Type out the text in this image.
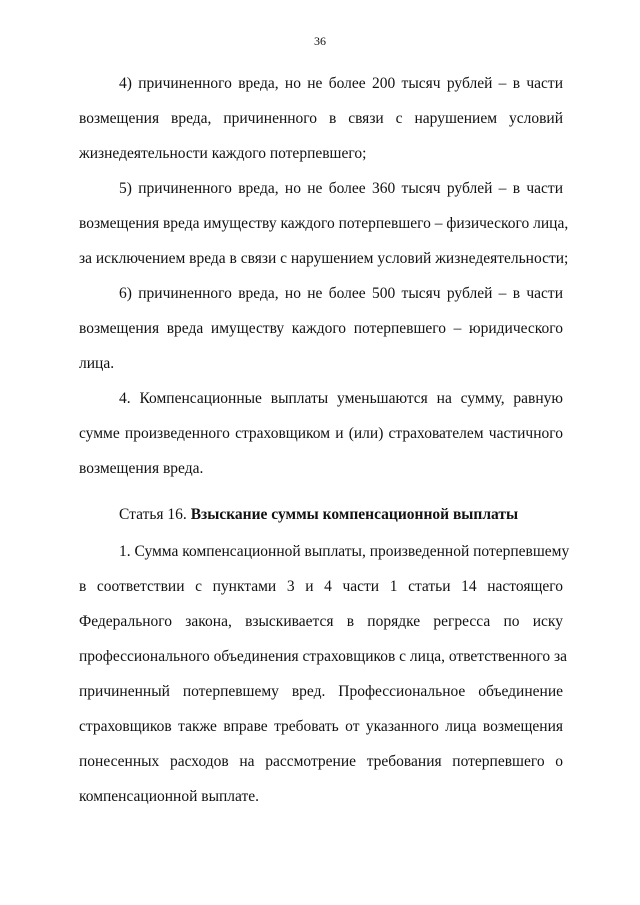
36
4) причиненного вреда, но не более 200 тысяч рублей – в части
возмещения вреда, причиненного в связи с нарушением условий
жизнедеятельности каждого потерпевшего;
5) причиненного вреда, но не более 360 тысяч рублей – в части
возмещения вреда имуществу каждого потерпевшего – физического лица,
за исключением вреда в связи с нарушением условий жизнедеятельности;
6) причиненного вреда, но не более 500 тысяч рублей – в части
возмещения вреда имуществу каждого потерпевшего – юридического
лица.
4. Компенсационные выплаты уменьшаются на сумму, равную
сумме произведенного страховщиком и (или) страхователем частичного
возмещения вреда.
Статья 16. Взыскание суммы компенсационной выплаты
1. Сумма компенсационной выплаты, произведенной потерпевшему
в соответствии с пунктами 3 и 4 части 1 статьи 14 настоящего
Федерального закона, взыскивается в порядке регресса по иску
профессионального объединения страховщиков с лица, ответственного за
причиненный потерпевшему вред. Профессиональное объединение
страховщиков также вправе требовать от указанного лица возмещения
понесенных расходов на рассмотрение требования потерпевшего о
компенсационной выплате.
